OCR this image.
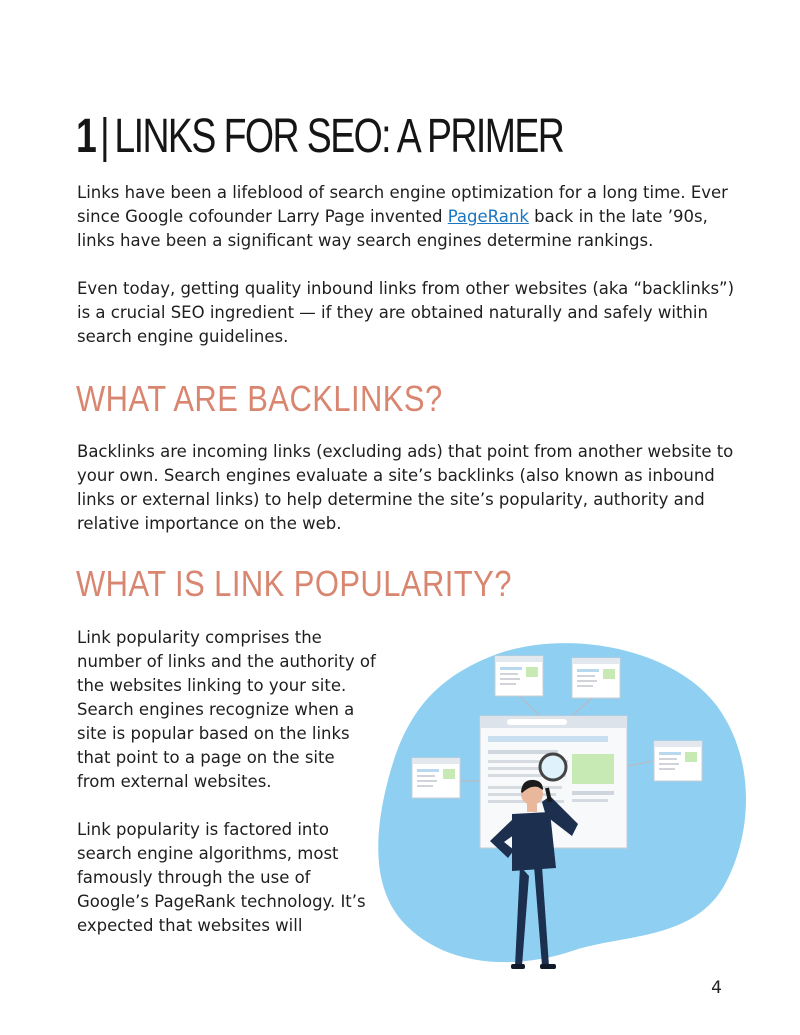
1| LINKS FOR SEO: A PRIMER

Links have been a lifeblood of search engine optimization for a long time. Ever since Google cofounder Larry Page invented PageRank back in the late ’90s, links have been a significant way search engines determine rankings.

Even today, getting quality inbound links from other websites (aka “backlinks”) is a crucial SEO ingredient — if they are obtained naturally and safely within search engine guidelines.

WHAT ARE BACKLINKS?

Backlinks are incoming links (excluding ads) that point from another website to your own. Search engines evaluate a site’s backlinks (also known as inbound links or external links) to help determine the site’s popularity, authority and relative importance on the web.

WHAT IS LINK POPULARITY?

Link popularity comprises the number of links and the authority of the websites linking to your site. Search engines recognize when a site is popular based on the links that point to a page on the site from external websites.

Link popularity is factored into search engine algorithms, most famously through the use of Google’s PageRank technology. It’s expected that websites will

4
